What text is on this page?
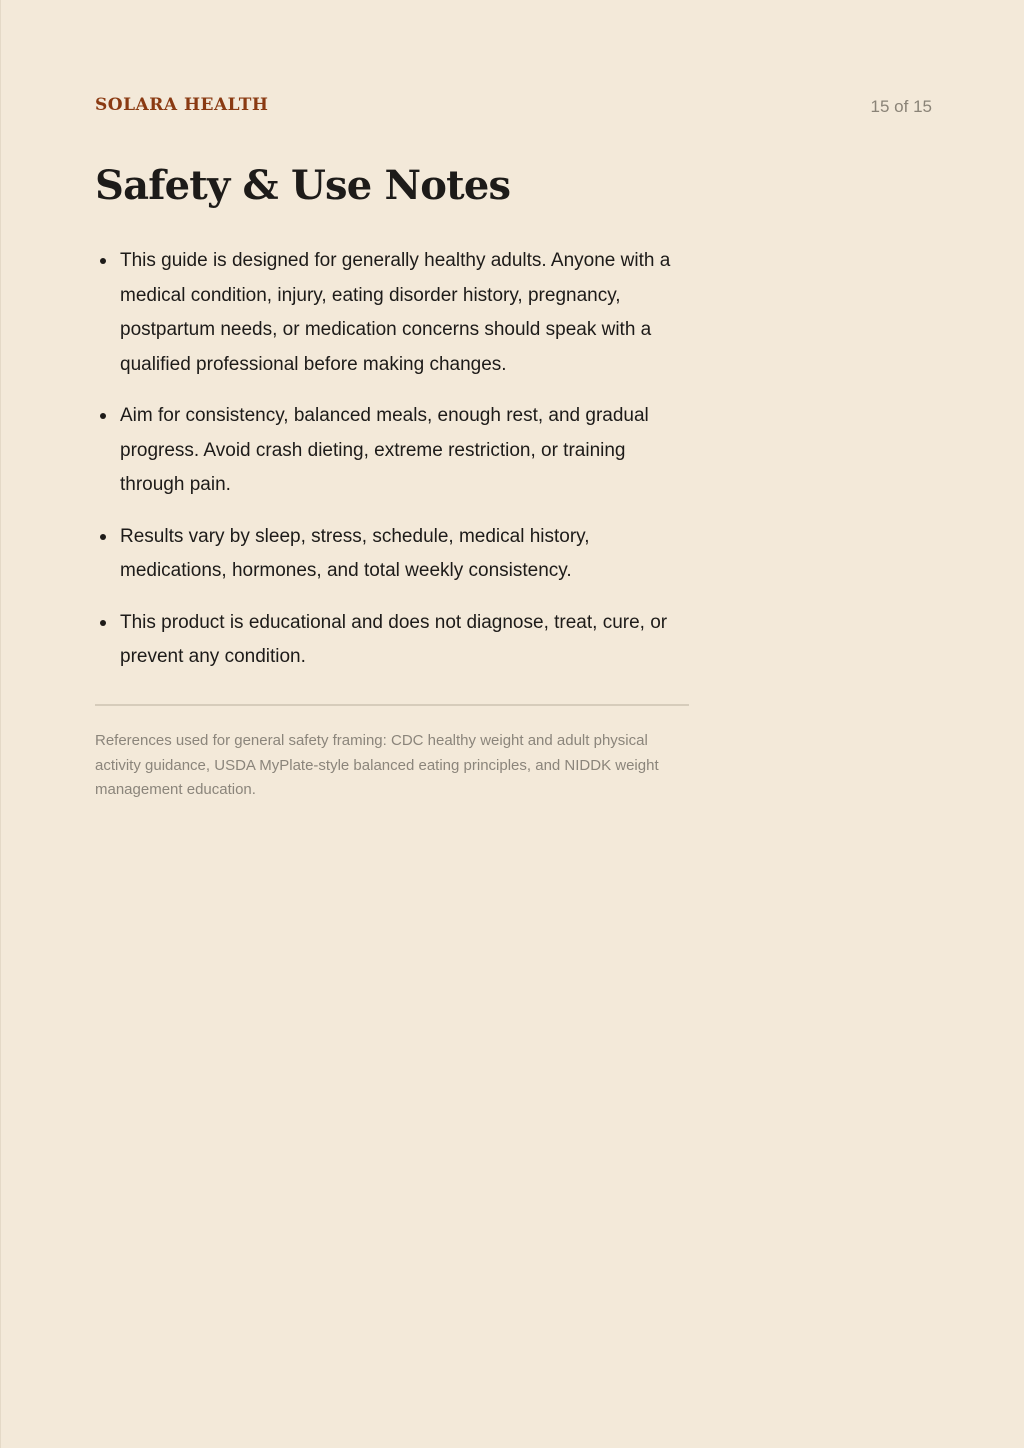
SOLARA HEALTH	15 of 15
Safety & Use Notes
This guide is designed for generally healthy adults. Anyone with a medical condition, injury, eating disorder history, pregnancy, postpartum needs, or medication concerns should speak with a qualified professional before making changes.
Aim for consistency, balanced meals, enough rest, and gradual progress. Avoid crash dieting, extreme restriction, or training through pain.
Results vary by sleep, stress, schedule, medical history, medications, hormones, and total weekly consistency.
This product is educational and does not diagnose, treat, cure, or prevent any condition.

References used for general safety framing: CDC healthy weight and adult physical activity guidance, USDA MyPlate-style balanced eating principles, and NIDDK weight management education.
